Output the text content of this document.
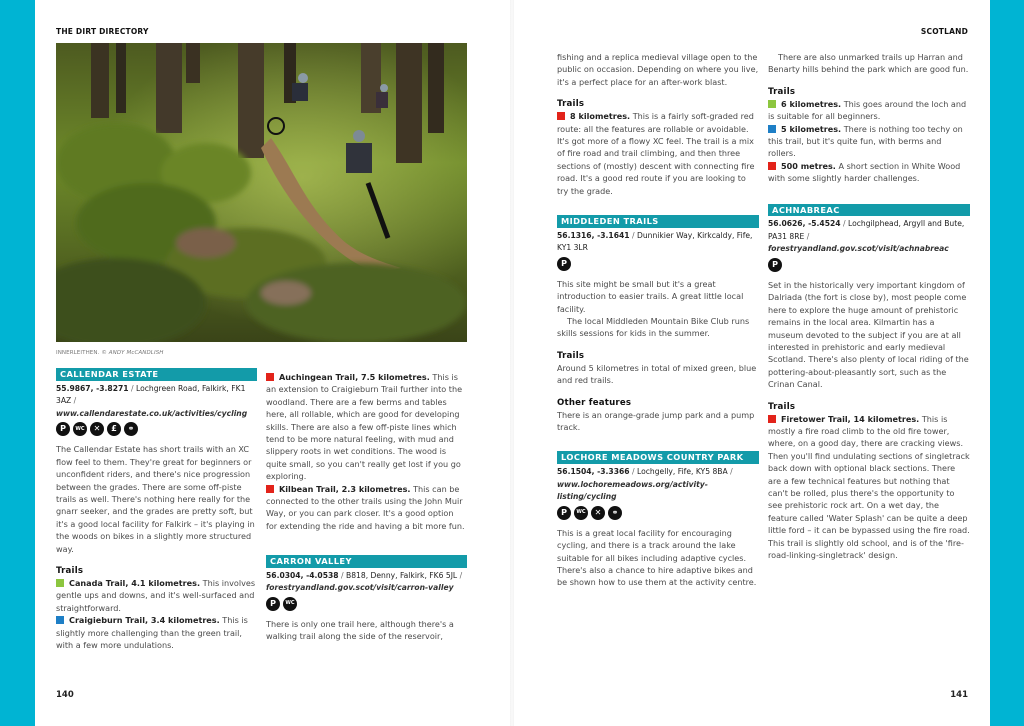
THE DIRT DIRECTORY
INNERLEITHEN. © ANDY McCANDLISH
CALLENDAR ESTATE
55.9867, -3.8271 / Lochgreen Road, Falkirk, FK1 3AZ / www.callendarestate.co.uk/activities/cycling
P	WC	✕	£	⚭

The Callendar Estate has short trails with an XC flow feel to them. They're great for beginners or unconfident riders, and there's nice progression between the grades. There are some off-piste trails as well. There's nothing here really for the gnarr seeker, and the grades are pretty soft, but it's a good local facility for Falkirk – it's playing in the woods on bikes in a slightly more structured way.

Trails

Canada Trail, 4.1 kilometres. This involves gentle ups and downs, and it's well-surfaced and straightforward.

Craigieburn Trail, 3.4 kilometres. This is slightly more challenging than the green trail, with a few more undulations.

Auchingean Trail, 7.5 kilometres. This is an extension to Craigieburn Trail further into the woodland. There are a few berms and tables here, all rollable, which are good for developing skills. There are also a few off-piste lines which tend to be more natural feeling, with mud and slippery roots in wet conditions. The wood is quite small, so you can't really get lost if you go exploring.

Kilbean Trail, 2.3 kilometres. This can be connected to the other trails using the John Muir Way, or you can park closer. It's a good option for extending the ride and having a bit more fun.

CARRON VALLEY
56.0304, -4.0538 / B818, Denny, Falkirk, FK6 5JL / forestryandland.gov.scot/visit/carron-valley
P	WC

There is only one trail here, although there's a walking trail along the side of the reservoir,

140
SCOTLAND

fishing and a replica medieval village open to the public on occasion. Depending on where you live, it's a perfect place for an after-work blast.

Trails

8 kilometres. This is a fairly soft-graded red route: all the features are rollable or avoidable. It's got more of a flowy XC feel. The trail is a mix of fire road and trail climbing, and then three sections of (mostly) descent with connecting fire road. It's a good red route if you are looking to try the grade.

MIDDLEDEN TRAILS
56.1316, -3.1641 / Dunnikier Way, Kirkcaldy, Fife, KY1 3LR
P

This site might be small but it's a great introduction to easier trails. A great little local facility.

The local Middleden Mountain Bike Club runs skills sessions for kids in the summer.

Trails

Around 5 kilometres in total of mixed green, blue and red trails.

Other features

There is an orange-grade jump park and a pump track.

LOCHORE MEADOWS COUNTRY PARK
56.1504, -3.3366 / Lochgelly, Fife, KY5 8BA / www.lochoremeadows.org/activity-listing/cycling
P	WC	✕	⚭

This is a great local facility for encouraging cycling, and there is a track around the lake suitable for all bikes including adaptive cycles. There's also a chance to hire adaptive bikes and be shown how to use them at the activity centre.

There are also unmarked trails up Harran and Benarty hills behind the park which are good fun.

Trails

6 kilometres. This goes around the loch and is suitable for all beginners.

5 kilometres. There is nothing too techy on this trail, but it's quite fun, with berms and rollers.

500 metres. A short section in White Wood with some slightly harder challenges.

ACHNABREAC
56.0626, -5.4524 / Lochgilphead, Argyll and Bute, PA31 8RE / forestryandland.gov.scot/visit/achnabreac
P

Set in the historically very important kingdom of Dalriada (the fort is close by), most people come here to explore the huge amount of prehistoric remains in the local area. Kilmartin has a museum devoted to the subject if you are at all interested in prehistoric and early medieval Scotland. There's also plenty of local riding of the pottering-about-pleasantly sort, such as the Crinan Canal.

Trails

Firetower Trail, 14 kilometres. This is mostly a fire road climb to the old fire tower, where, on a good day, there are cracking views. Then you'll find undulating sections of singletrack back down with optional black sections. There are a few technical features but nothing that can't be rolled, plus there's the opportunity to see prehistoric rock art. On a wet day, the feature called 'Water Splash' can be quite a deep little ford – it can be bypassed using the fire road. This trail is slightly old school, and is of the 'fire-road-linking-singletrack' design.

141
